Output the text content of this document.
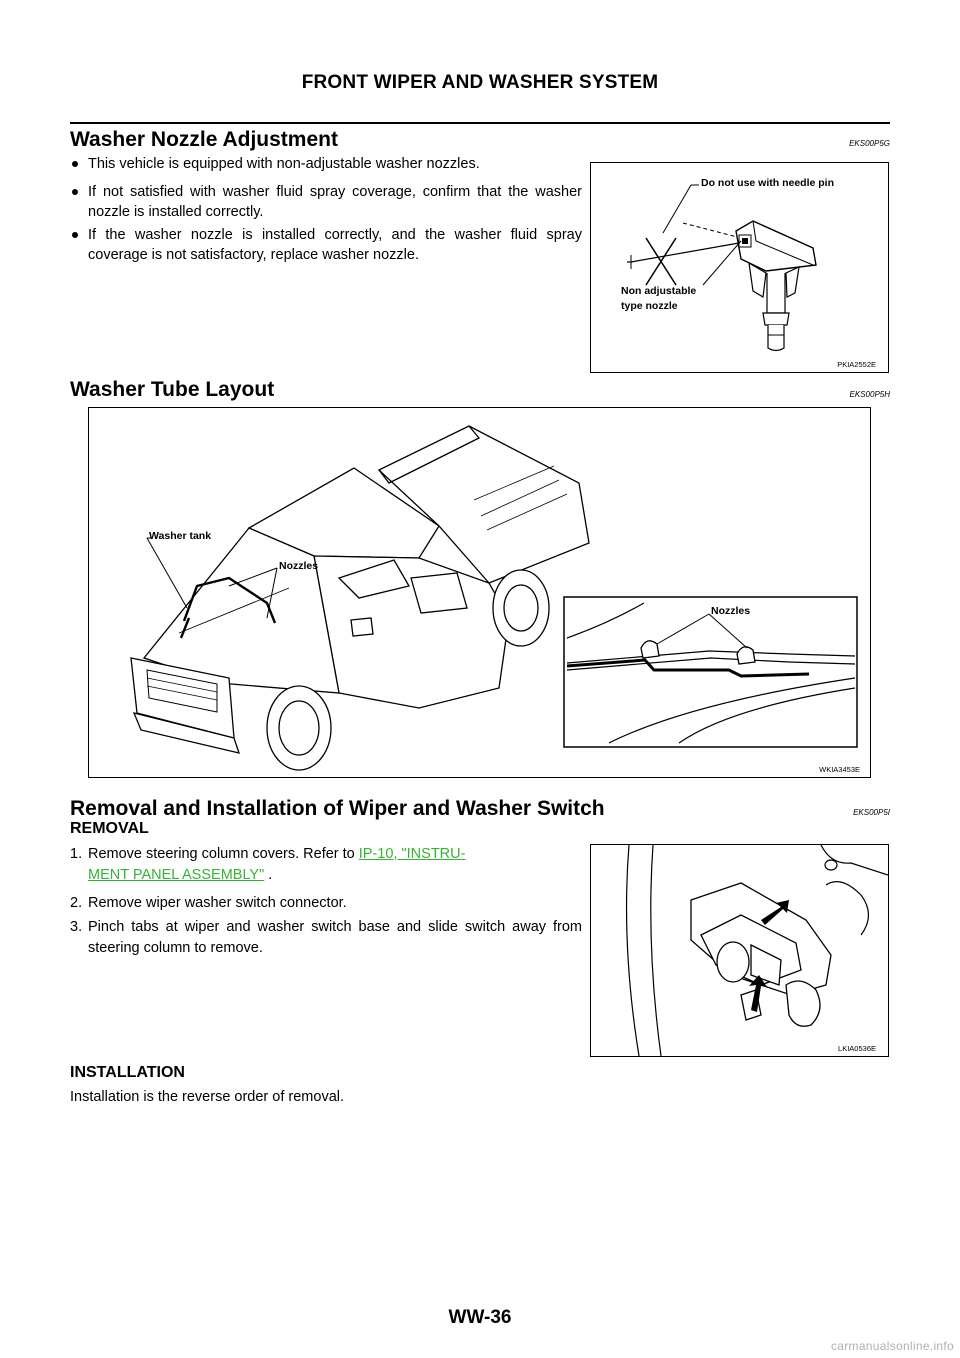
FRONT WIPER AND WASHER SYSTEM
Washer Nozzle Adjustment	EKS00P5G
This vehicle is equipped with non-adjustable washer nozzles.
If not satisfied with washer fluid spray coverage, confirm that the washer nozzle is installed correctly.
If the washer nozzle is installed correctly, and the washer fluid spray coverage is not satisfactory, replace washer nozzle.
Do not use with needle pin
Non adjustable
type nozzle
PKIA2552E
Washer Tube Layout	EKS00P5H
Washer tank
Nozzles
Nozzles
WKIA3453E
Removal and Installation of Wiper and Washer Switch	EKS00P5I
REMOVAL
1. Remove steering column covers. Refer to IP-10, "INSTRU-
MENT PANEL ASSEMBLY" .
2. Remove wiper washer switch connector.
3. Pinch tabs at wiper and washer switch base and slide switch away from steering column to remove.
LKIA0536E
INSTALLATION
Installation is the reverse order of removal.
WW-36
carmanualsonline.info
